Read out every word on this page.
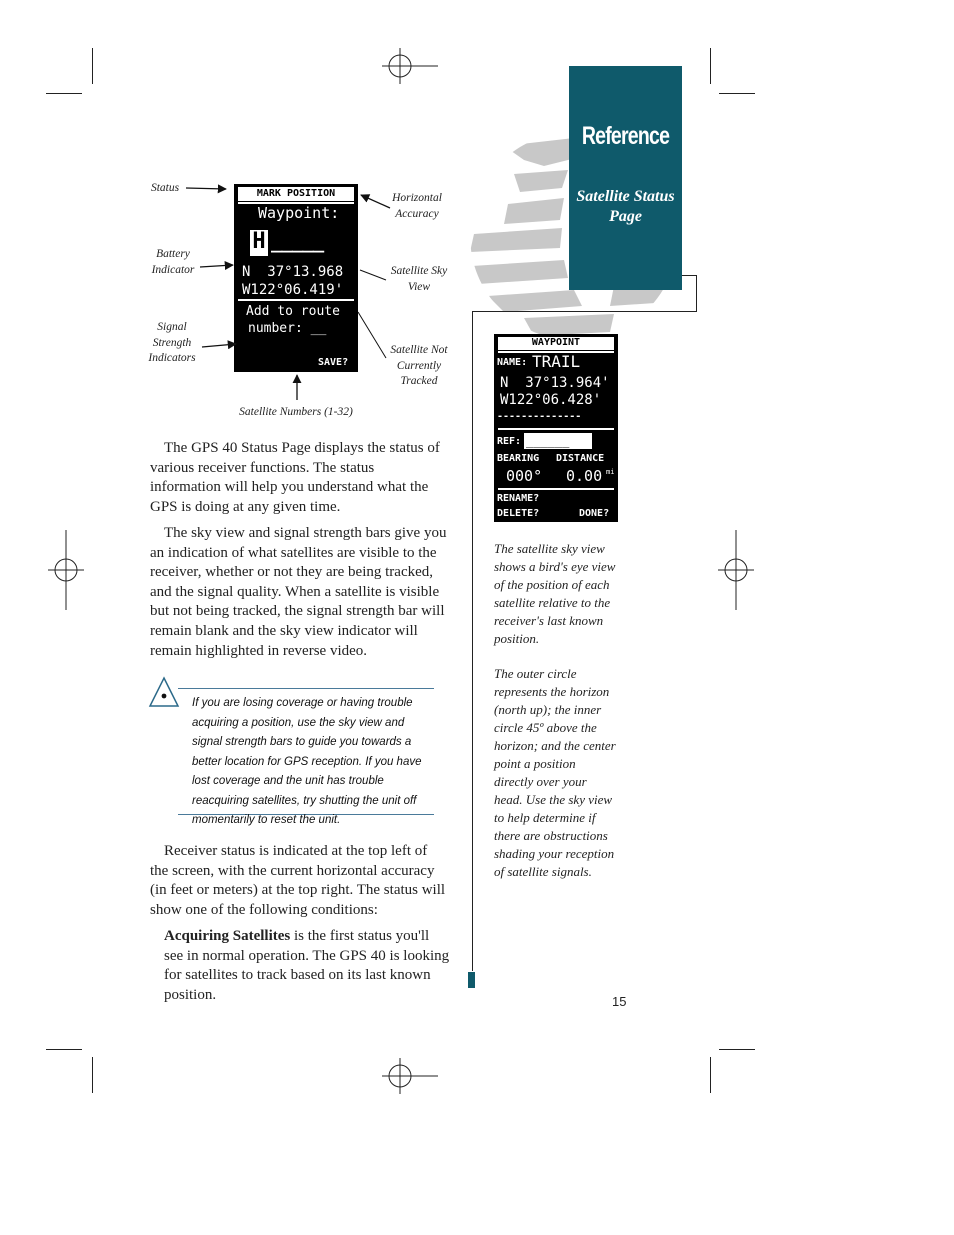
Reference
Satellite Status Page
MARK POSITION
Waypoint:
H _____
N  37°13.968
W122°06.419'
Add to route
number: __
SAVE?
Status
Horizontal Accuracy
Battery Indicator	Satellite Sky View
Signal Strength Indicators
Satellite Not Currently Tracked
Satellite Numbers (1-32)
WAYPOINT
NAME: TRAIL
N  37°13.964'
W122°06.428'
--------------
REF: ______
BEARING DISTANCE
000° 0.00 mi
RENAME?
DELETE?	DONE?
The GPS 40 Status Page displays the status of various receiver functions. The status information will help you understand what the GPS is doing at any given time.
The sky view and signal strength bars give you an indication of what satellites are visible to the receiver, whether or not they are being tracked, and the signal quality. When a satellite is visible but not being tracked, the signal strength bar will remain blank and the sky view indicator will remain highlighted in reverse video.
If you are losing coverage or having trouble acquiring a position, use the sky view and signal strength bars to guide you towards a better location for GPS reception. If you have lost coverage and the unit has trouble reacquiring satellites, try shutting the unit off momentarily to reset the unit.
Receiver status is indicated at the top left of the screen, with the current horizontal accuracy (in feet or meters) at the top right. The status will show one of the following conditions:
Acquiring Satellites is the first status you'll see in normal operation. The GPS 40 is looking for satellites to track based on its last known position.
The satellite sky view shows a bird's eye view of the position of each satellite relative to the receiver's last known position.
The outer circle represents the horizon (north up); the inner circle 45º above the horizon; and the center point a position directly over your head. Use the sky view to help determine if there are obstructions shading your reception of satellite signals.
15
